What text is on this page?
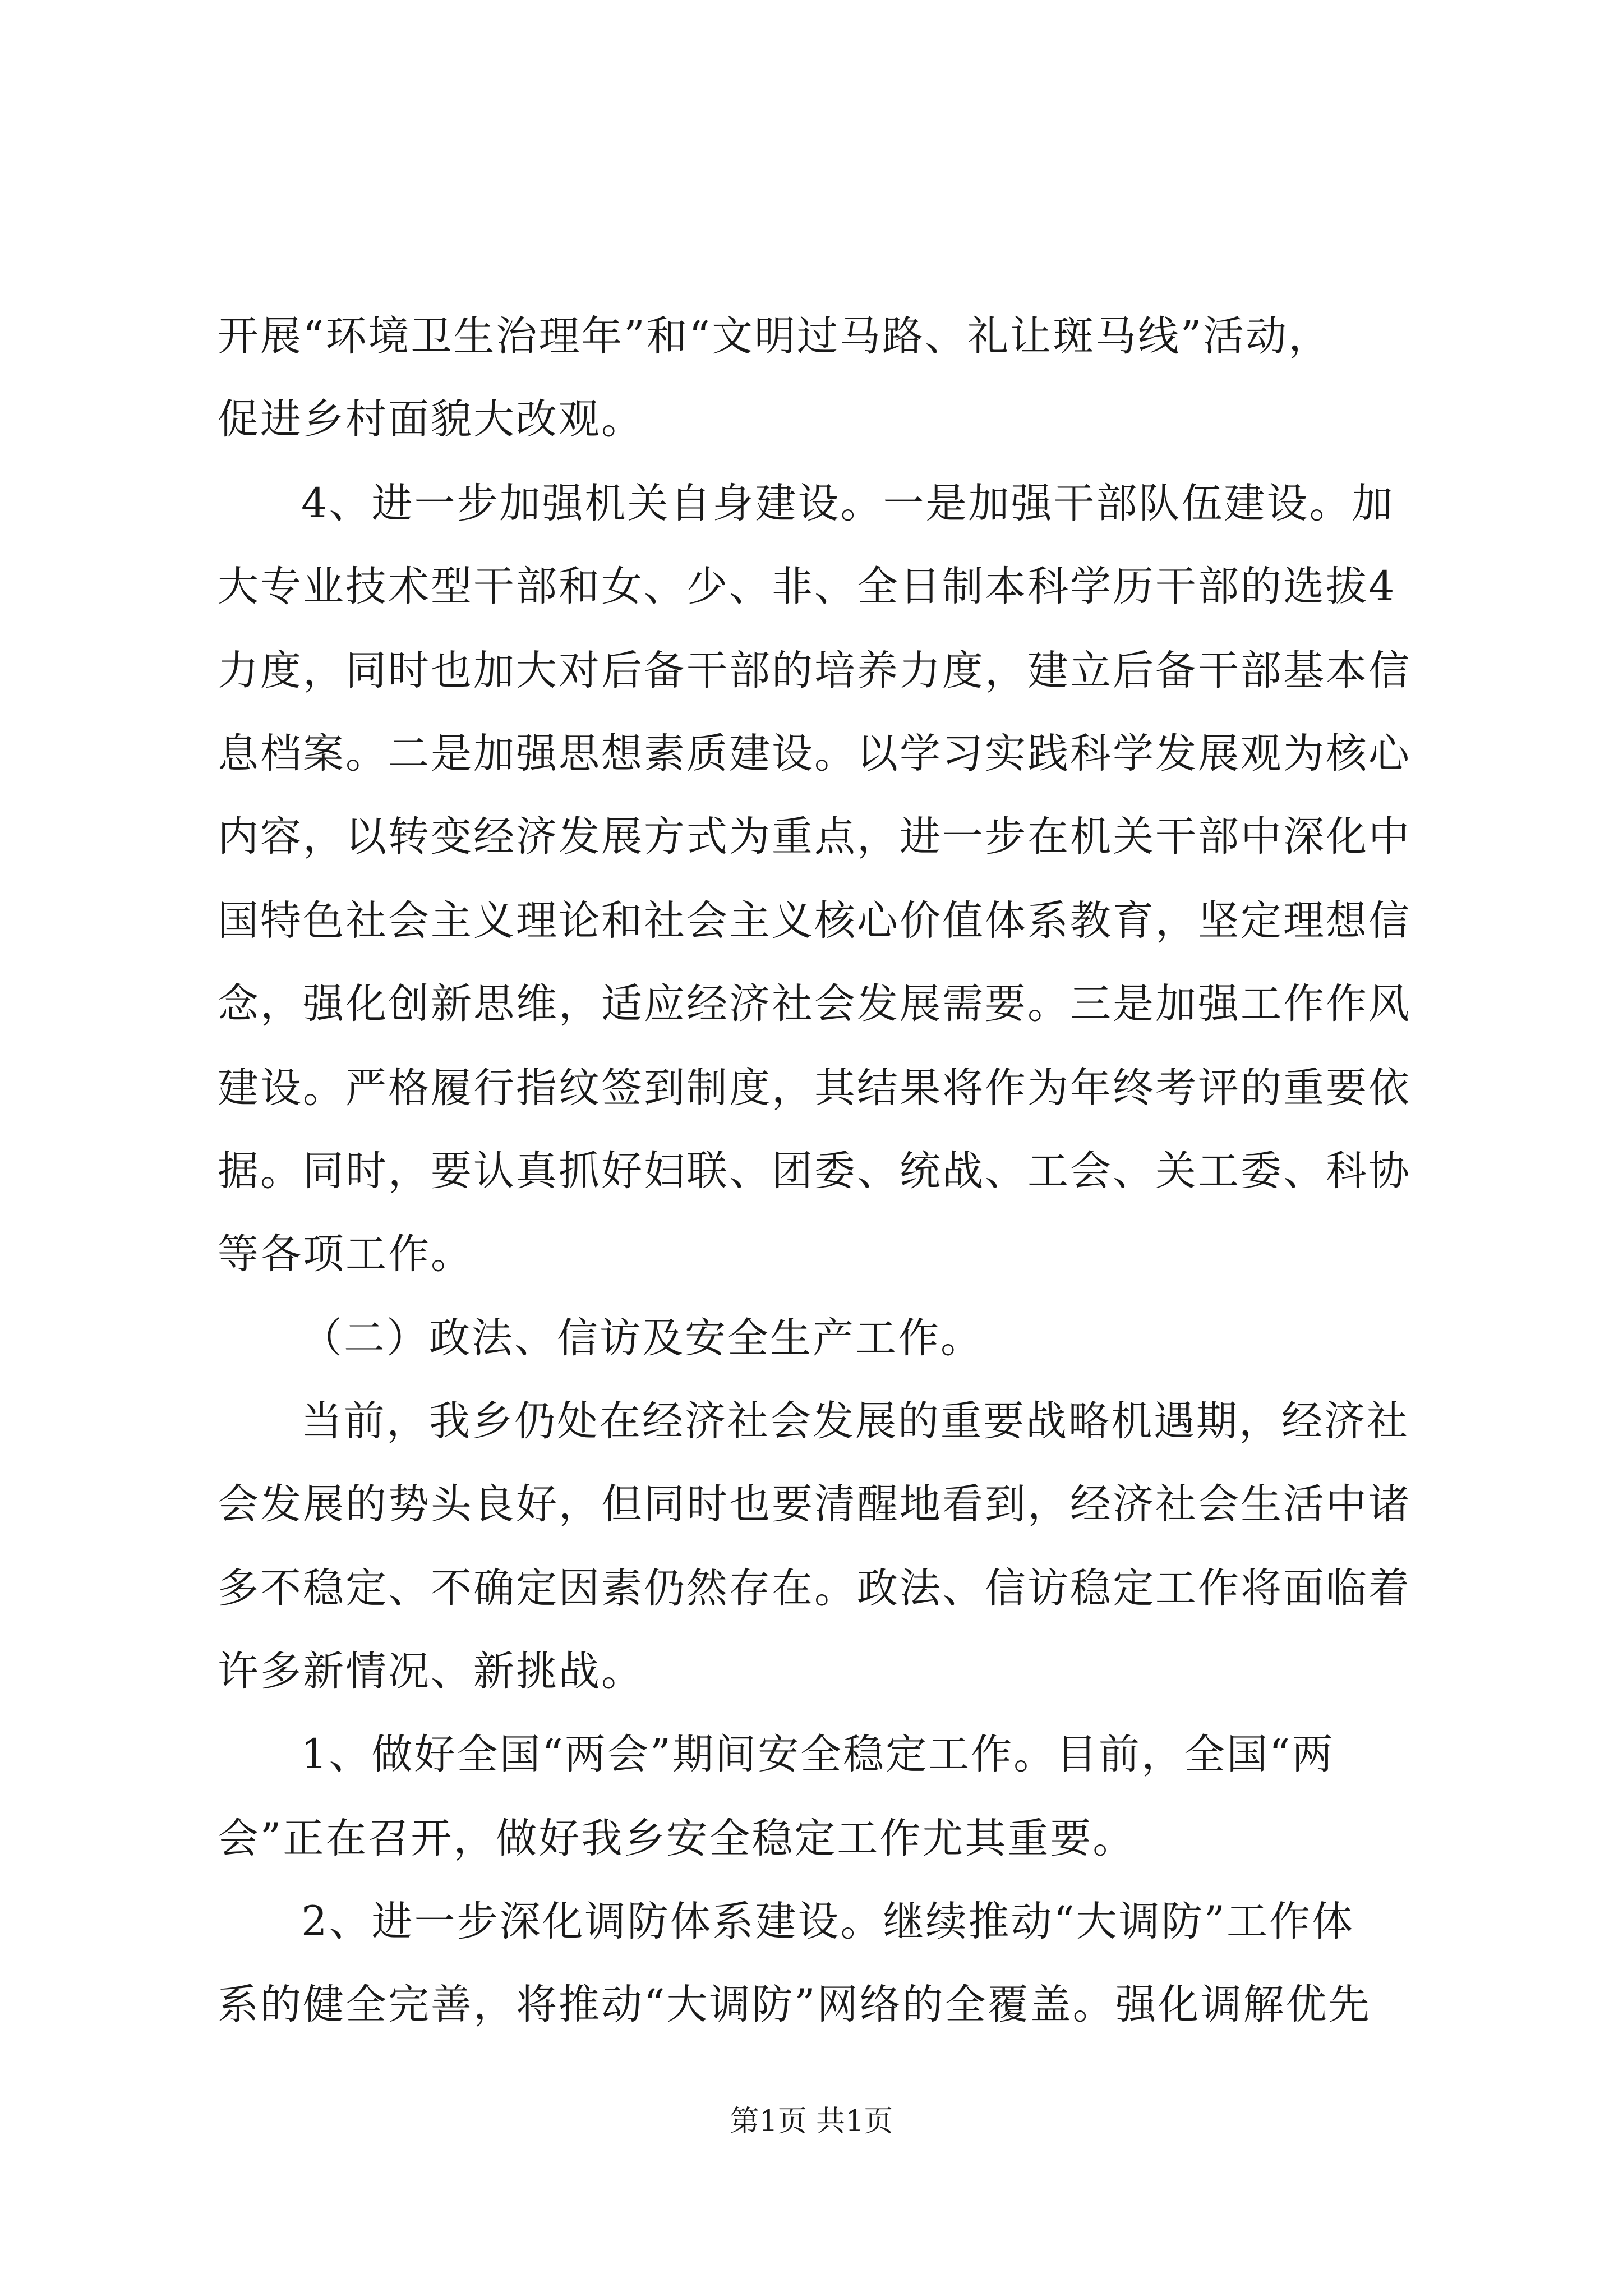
开展“环境卫生治理年”和“文明过马路、礼让斑马线”活动，
促进乡村面貌大改观。
4、进一步加强机关自身建设。一是加强干部队伍建设。加
大专业技术型干部和女、少、非、全日制本科学历干部的选拔4
力度，同时也加大对后备干部的培养力度，建立后备干部基本信
息档案。二是加强思想素质建设。以学习实践科学发展观为核心
内容，以转变经济发展方式为重点，进一步在机关干部中深化中
国特色社会主义理论和社会主义核心价值体系教育，坚定理想信
念，强化创新思维，适应经济社会发展需要。三是加强工作作风
建设。严格履行指纹签到制度，其结果将作为年终考评的重要依
据。同时，要认真抓好妇联、团委、统战、工会、关工委、科协
等各项工作。
（二）政法、信访及安全生产工作。
当前，我乡仍处在经济社会发展的重要战略机遇期，经济社
会发展的势头良好，但同时也要清醒地看到，经济社会生活中诸
多不稳定、不确定因素仍然存在。政法、信访稳定工作将面临着
许多新情况、新挑战。
1、做好全国“两会”期间安全稳定工作。目前，全国“两
会”正在召开，做好我乡安全稳定工作尤其重要。
2、进一步深化调防体系建设。继续推动“大调防”工作体
系的健全完善，将推动“大调防”网络的全覆盖。强化调解优先
第1页 共1页
